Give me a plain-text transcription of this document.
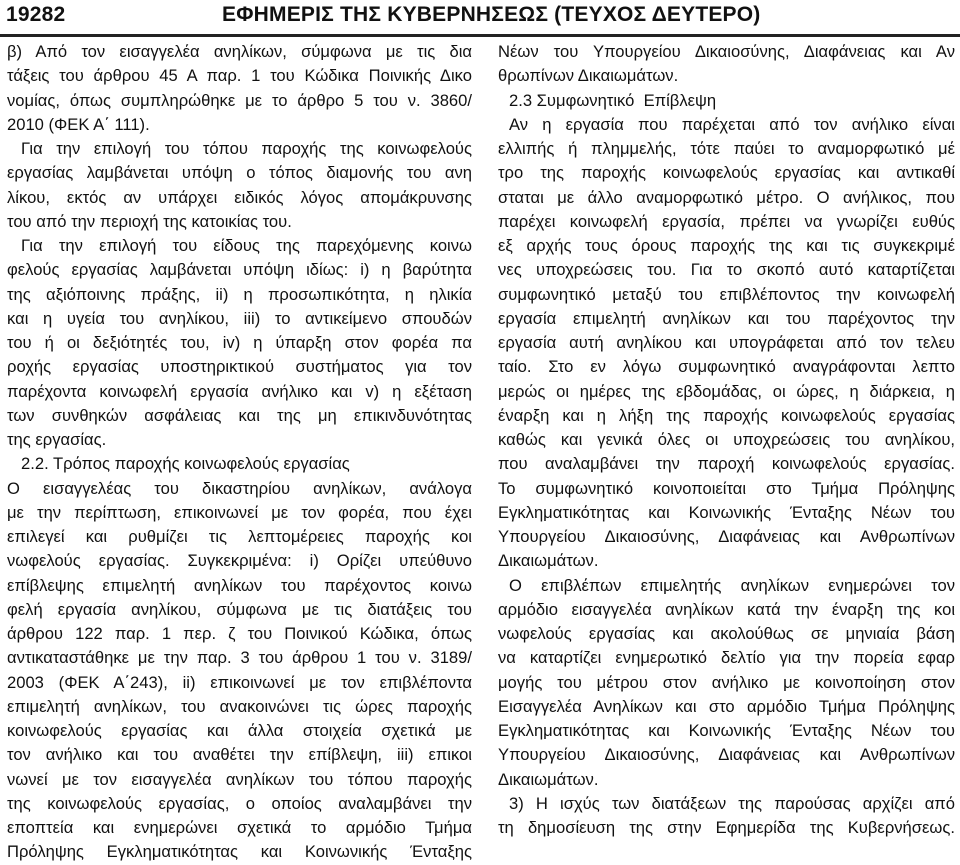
19282	ΕΦΗΜΕΡΙΣ ΤΗΣ ΚΥΒΕΡΝΗΣΕΩΣ (ΤΕΥΧΟΣ ΔΕΥΤΕΡΟ)
β) Από τον εισαγγελέα ανηλίκων, σύμφωνα με τις δια
τάξεις του άρθρου 45 Α παρ. 1 του Κώδικα Ποινικής Δικο
νομίας, όπως συμπληρώθηκε με το άρθρο 5 του ν. 3860/
2010 (ΦΕΚ Α΄ 111).
Για την επιλογή του τόπου παροχής της κοινωφελούς
εργασίας λαμβάνεται υπόψη ο τόπος διαμονής του ανη
λίκου, εκτός αν υπάρχει ειδικός λόγος απομάκρυνσης
του από την περιοχή της κατοικίας του.
Για την επιλογή του είδους της παρεχόμενης κοινω
φελούς εργασίας λαμβάνεται υπόψη ιδίως: i) η βαρύτητα
της αξιόποινης πράξης, ii) η προσωπικότητα, η ηλικία
και η υγεία του ανηλίκου, iii) το αντικείμενο σπουδών
του ή οι δεξιότητές του, iv) η ύπαρξη στον φορέα πα
ροχής εργασίας υποστηρικτικού συστήματος για τον
παρέχοντα κοινωφελή εργασία ανήλικο και v) η εξέταση
των συνθηκών ασφάλειας και της μη επικινδυνότητας
της εργασίας.
2.2. Τρόπος παροχής κοινωφελούς εργασίας
Ο εισαγγελέας του δικαστηρίου ανηλίκων, ανάλογα
με την περίπτωση, επικοινωνεί με τον φορέα, που έχει
επιλεγεί και ρυθμίζει τις λεπτομέρειες παροχής κοι
νωφελούς εργασίας. Συγκεκριμένα: i) Ορίζει υπεύθυνο
επίβλεψης επιμελητή ανηλίκων του παρέχοντος κοινω
φελή εργασία ανηλίκου, σύμφωνα με τις διατάξεις του
άρθρου 122 παρ. 1 περ. ζ του Ποινικού Κώδικα, όπως
αντικαταστάθηκε με την παρ. 3 του άρθρου 1 του ν. 3189/
2003 (ΦΕΚ Α΄243), ii) επικοινωνεί με τον επιβλέποντα
επιμελητή ανηλίκων, του ανακοινώνει τις ώρες παροχής
κοινωφελούς εργασίας και άλλα στοιχεία σχετικά με
τον ανήλικο και του αναθέτει την επίβλεψη, iii) επικοι
νωνεί με τον εισαγγελέα ανηλίκων του τόπου παροχής
της κοινωφελούς εργασίας, ο οποίος αναλαμβάνει την
εποπτεία και ενημερώνει σχετικά το αρμόδιο Τμήμα
Πρόληψης Εγκληματικότητας και Κοινωνικής Ένταξης
Νέων του Υπουργείου Δικαιοσύνης, Διαφάνειας και Αν
θρωπίνων Δικαιωμάτων.
2.3 Συμφωνητικό Επίβλεψη
Αν η εργασία που παρέχεται από τον ανήλικο είναι
ελλιπής ή πλημμελής, τότε παύει το αναμορφωτικό μέ
τρο της παροχής κοινωφελούς εργασίας και αντικαθί
σταται με άλλο αναμορφωτικό μέτρο. Ο ανήλικος, που
παρέχει κοινωφελή εργασία, πρέπει να γνωρίζει ευθύς
εξ αρχής τους όρους παροχής της και τις συγκεκριμέ
νες υποχρεώσεις του. Για το σκοπό αυτό καταρτίζεται
συμφωνητικό μεταξύ του επιβλέποντος την κοινωφελή
εργασία επιμελητή ανηλίκων και του παρέχοντος την
εργασία αυτή ανηλίκου και υπογράφεται από τον τελευ
ταίο. Στο εν λόγω συμφωνητικό αναγράφονται λεπτο
μερώς οι ημέρες της εβδομάδας, οι ώρες, η διάρκεια, η
έναρξη και η λήξη της παροχής κοινωφελούς εργασίας
καθώς και γενικά όλες οι υποχρεώσεις του ανηλίκου,
που αναλαμβάνει την παροχή κοινωφελούς εργασίας.
Το συμφωνητικό κοινοποιείται στο Τμήμα Πρόληψης
Εγκληματικότητας και Κοινωνικής Ένταξης Νέων του
Υπουργείου Δικαιοσύνης, Διαφάνειας και Ανθρωπίνων
Δικαιωμάτων.
Ο επιβλέπων επιμελητής ανηλίκων ενημερώνει τον
αρμόδιο εισαγγελέα ανηλίκων κατά την έναρξη της κοι
νωφελούς εργασίας και ακολούθως σε μηνιαία βάση
να καταρτίζει ενημερωτικό δελτίο για την πορεία εφαρ
μογής του μέτρου στον ανήλικο με κοινοποίηση στον
Εισαγγελέα Ανηλίκων και στο αρμόδιο Τμήμα Πρόληψης
Εγκληματικότητας και Κοινωνικής Ένταξης Νέων του
Υπουργείου Δικαιοσύνης, Διαφάνειας και Ανθρωπίνων
Δικαιωμάτων.
3) Η ισχύς των διατάξεων της παρούσας αρχίζει από
τη δημοσίευση της στην Εφημερίδα της Κυβερνήσεως.
